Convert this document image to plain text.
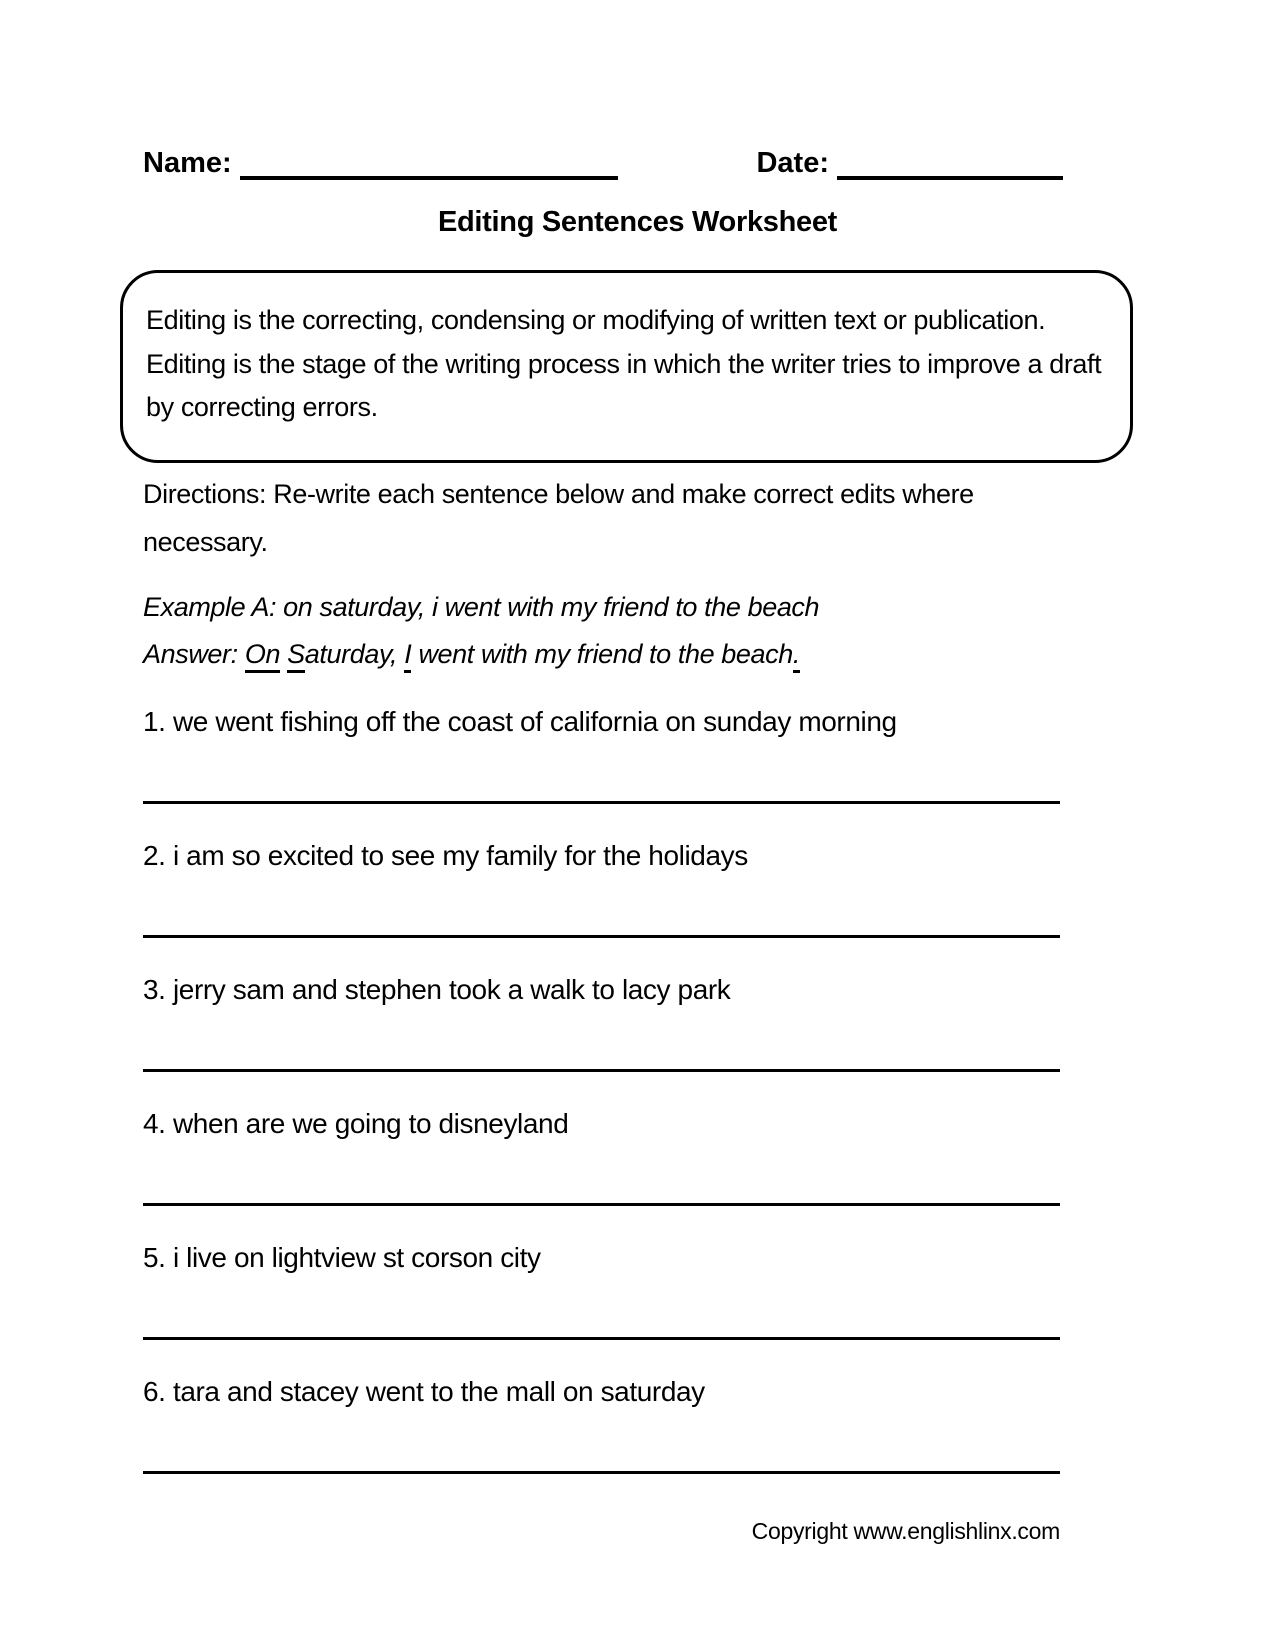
Name:	Date:
Editing Sentences Worksheet
Editing is the correcting, condensing or modifying of written text or publication. Editing is the stage of the writing process in which the writer tries to improve a draft by correcting errors.
Directions: Re-write each sentence below and make correct edits where necessary.
Example A: on saturday, i went with my friend to the beach
Answer: On Saturday, I went with my friend to the beach.
1. we went fishing off the coast of california on sunday morning
2. i am so excited to see my family for the holidays
3. jerry sam and stephen took a walk to lacy park
4. when are we going to disneyland
5. i live on lightview st corson city
6. tara and stacey went to the mall on saturday
Copyright www.englishlinx.com
